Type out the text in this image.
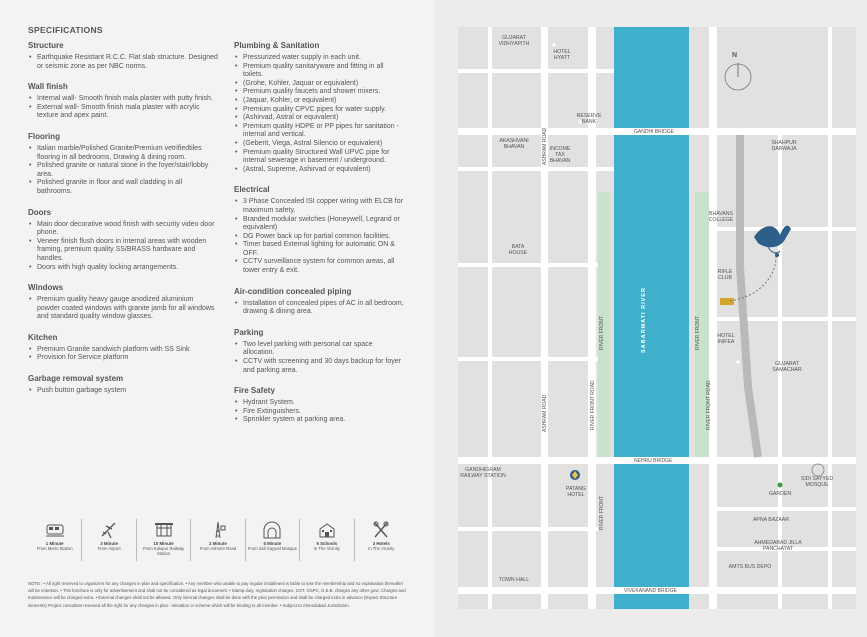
SPECIFICATIONS
Structure
• Earthquake Resistant R.C.C. Flat slab structure. Designed or seismic zone as per NBC norms.
Wall finish
• Internal wall- Smooth finish mala plaster with putty finish.
• External wall- Smooth finish mala plaster with acrylic texture and apex paint.
Flooring
• Italian marble/Polished Granite/Premium vetrifiedtiles flooring in all bedrooms, Drawing & dining room.
• Polished granite or natural stone in the foyer/stair/lobby area.
• Polished granite in floor and wall cladding in all bathrooms.
Doors
• Main door decorative wood finish with security video door phone.
• Veneer finish flush doors in internal areas with wooden framing, premium quality SS/BRASS hardware and handles.
• Doors with high quality locking arrangements.
Windows
• Premium quality heavy gauge anodized aluminium powder coated windows with granite jamb for all windows and standard quality window glasses.
Kitchen
• Premium Granite sandwich platform with SS Sink
• Provision for Service platform
Garbage removal system
• Push button garbage system
Plumbing & Sanitation
• Pressurized water supply in each unit.
• Premium quality sanitaryware and fitting in all toilets.
• (Grohe, Kohler, Jaquar or equivalent)
• Premium quality faucets and shower mixers.
• (Jaquar, Kohler, or equivalent)
• Premium quality CPVC pipes for water supply.
• (Ashirvad, Astral or equivalent)
• Premium quality HDPE or PP pipes for sanitation - internal and vertical.
• (Geberit, Viega, Astral Silencio or equivalent)
• Premium quality Structured Wall UPVC pipe for internal sewerage in basement / underground.
• (Astral, Supreme, Ashirvad or equivalent)
Electrical
• 3 Phase Concealed ISI copper wiring with ELCB for maximum safety.
• Branded modular switches (Honeywell, Legrand or equivalent)
• DG Power back up for partial common facilities.
• Timer based External lighting for automatic ON & OFF.
• CCTV surveillance system for common areas, all tower entry & exit.
Air-condition concealed piping
• Installation of concealed pipes of AC in all bedroom, drawing & dining area.
Parking
• Two level parking with personal car space allocation.
• CCTV with screening and 30 days backup for foyer and parking area.
Fire Safety
• Hydrant System.
• Fire Extinguishers.
• Sprinkler system at parking area.
1 Minute
From Metro Station
3 Minute
From Airport
10 Minute
From Kalupur Railway Station
2 Minute
From Ashram Road
5 Minute
From Sidi Sayyed Mosque
5 Schools
In The Vicinity
3 Hotels
In The Vicinity
NOTE : • All right reserved to organizers for any changes in plan and specification. • Any member who unable to pay regular installment is liable to lose the membership and no explanation thereafter will be entertain. • This brochure is only for advertisement and shall not be considered as legal document. • Stamp duty, registration charges, GST, GSPC, G.E.B. charges any other govt. Charges and maintenance will be charged extra. • External changes shall not be allowed. Only internal changes shall be done with the prior permission and shall be charged extra in advance (Expect Structure elements) Project consultant reserved all the right for any changes in plan - elevation or scheme which will be binding to all member. • Subject to Ahmedabad Jurisdiction.
N
GUJARAT VIDHYAPITH
HOTEL HYATT
RESERVE BANK
AKASHVANI BHAVAN	INCOME TAX BHAVAN
SHAHPUR DARWAJA
BHAVANS COLLEGE
BATA HOUSE
RIFLE CLUB
HOTEL INIFEA
GUJARAT SAMACHAR
GANDHIGRAM RAILWAY STATION
PATANG HOTEL
SIDI SAYYED MOSQUE
GARDEN
APNA BAZAAR
AHMEDABAD JILLA PANCHAYAT
AMTS BUS DEPO
TOWN HALL
GANDHI BRIDGE
NEHRU BRIDGE
VIVEKANAND BRIDGE
SABARMATI RIVER
ASHRAM ROAD
ASHRAM ROAD	RIVER FRONT ROAD
RIVER FRONT
RIVER FRONT
RIVER FRONT
RIVER FRONT ROAD
